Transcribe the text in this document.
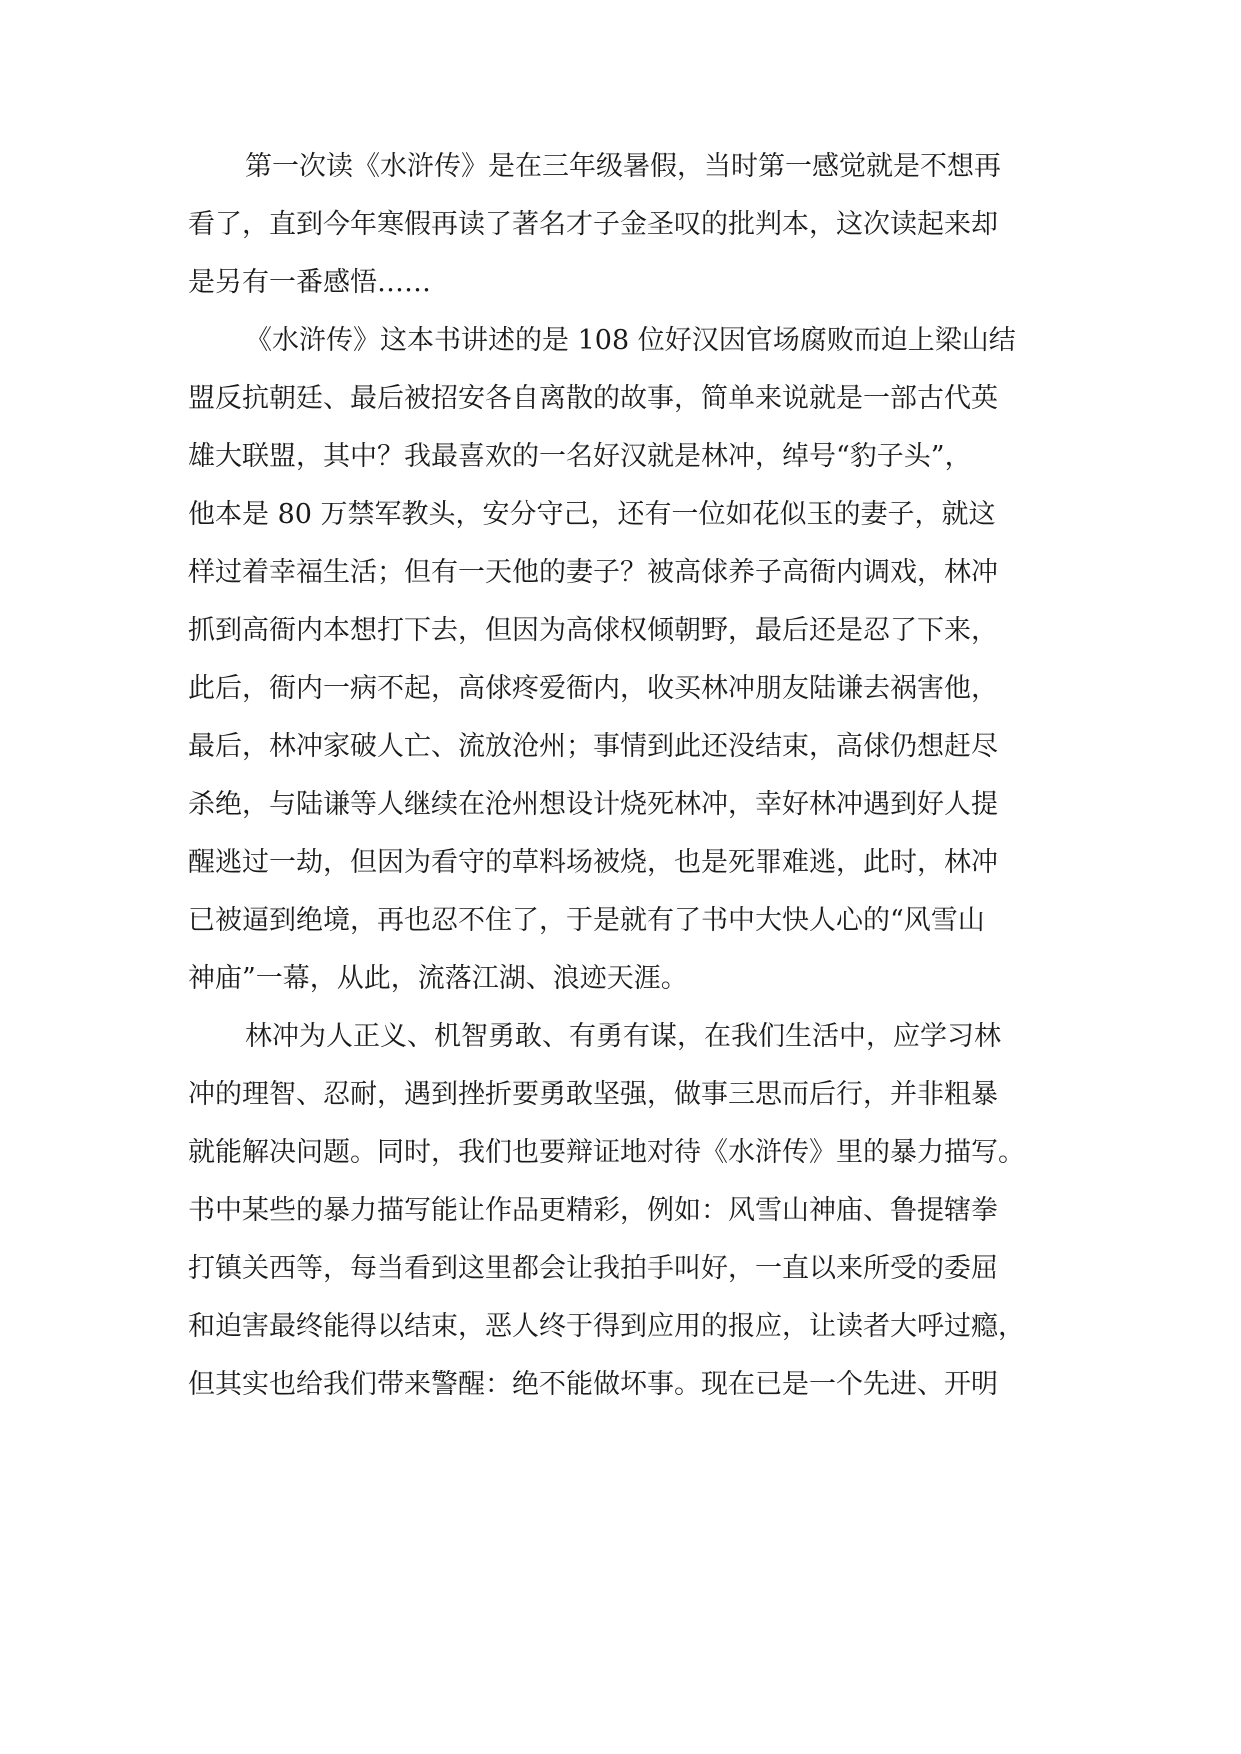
第一次读《水浒传》是在三年级暑假，当时第一感觉就是不想再
看了，直到今年寒假再读了著名才子金圣叹的批判本，这次读起来却
是另有一番感悟……
《水浒传》这本书讲述的是 108 位好汉因官场腐败而迫上梁山结
盟反抗朝廷、最后被招安各自离散的故事，简单来说就是一部古代英
雄大联盟，其中？我最喜欢的一名好汉就是林冲，绰号“豹子头”，
他本是 80 万禁军教头，安分守己，还有一位如花似玉的妻子，就这
样过着幸福生活；但有一天他的妻子？被高俅养子高衙内调戏，林冲
抓到高衙内本想打下去，但因为高俅权倾朝野，最后还是忍了下来，
此后，衙内一病不起，高俅疼爱衙内，收买林冲朋友陆谦去祸害他，
最后，林冲家破人亡、流放沧州；事情到此还没结束，高俅仍想赶尽
杀绝，与陆谦等人继续在沧州想设计烧死林冲，幸好林冲遇到好人提
醒逃过一劫，但因为看守的草料场被烧，也是死罪难逃，此时，林冲
已被逼到绝境，再也忍不住了，于是就有了书中大快人心的“风雪山
神庙”一幕，从此，流落江湖、浪迹天涯。
林冲为人正义、机智勇敢、有勇有谋，在我们生活中，应学习林
冲的理智、忍耐，遇到挫折要勇敢坚强，做事三思而后行，并非粗暴
就能解决问题。同时，我们也要辩证地对待《水浒传》里的暴力描写。
书中某些的暴力描写能让作品更精彩，例如：风雪山神庙、鲁提辖拳
打镇关西等，每当看到这里都会让我拍手叫好，一直以来所受的委屈
和迫害最终能得以结束，恶人终于得到应用的报应，让读者大呼过瘾，
但其实也给我们带来警醒：绝不能做坏事。现在已是一个先进、开明
